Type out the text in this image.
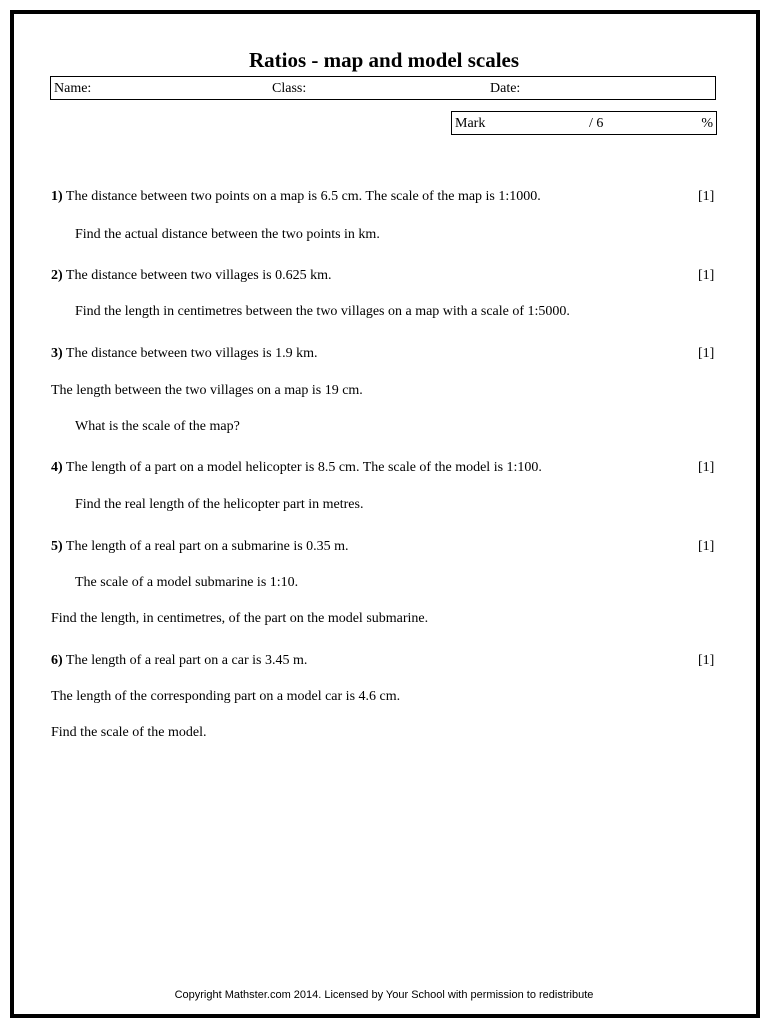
Ratios - map and model scales
Name:	Class:	Date:
Mark	/ 6	%
1) The distance between two points on a map is 6.5 cm. The scale of the map is 1:1000.	[1]
Find the actual distance between the two points in km.
2) The distance between two villages is 0.625 km.	[1]
Find the length in centimetres between the two villages on a map with a scale of 1:5000.
3) The distance between two villages is 1.9 km.	[1]
The length between the two villages on a map is 19 cm.
What is the scale of the map?
4) The length of a part on a model helicopter is 8.5 cm. The scale of the model is 1:100.	[1]
Find the real length of the helicopter part in metres.
5) The length of a real part on a submarine is 0.35 m.	[1]
The scale of a model submarine is 1:10.
Find the length, in centimetres, of the part on the model submarine.
6) The length of a real part on a car is 3.45 m.	[1]
The length of the corresponding part on a model car is 4.6 cm.
Find the scale of the model.
Copyright Mathster.com 2014. Licensed by Your School with permission to redistribute
